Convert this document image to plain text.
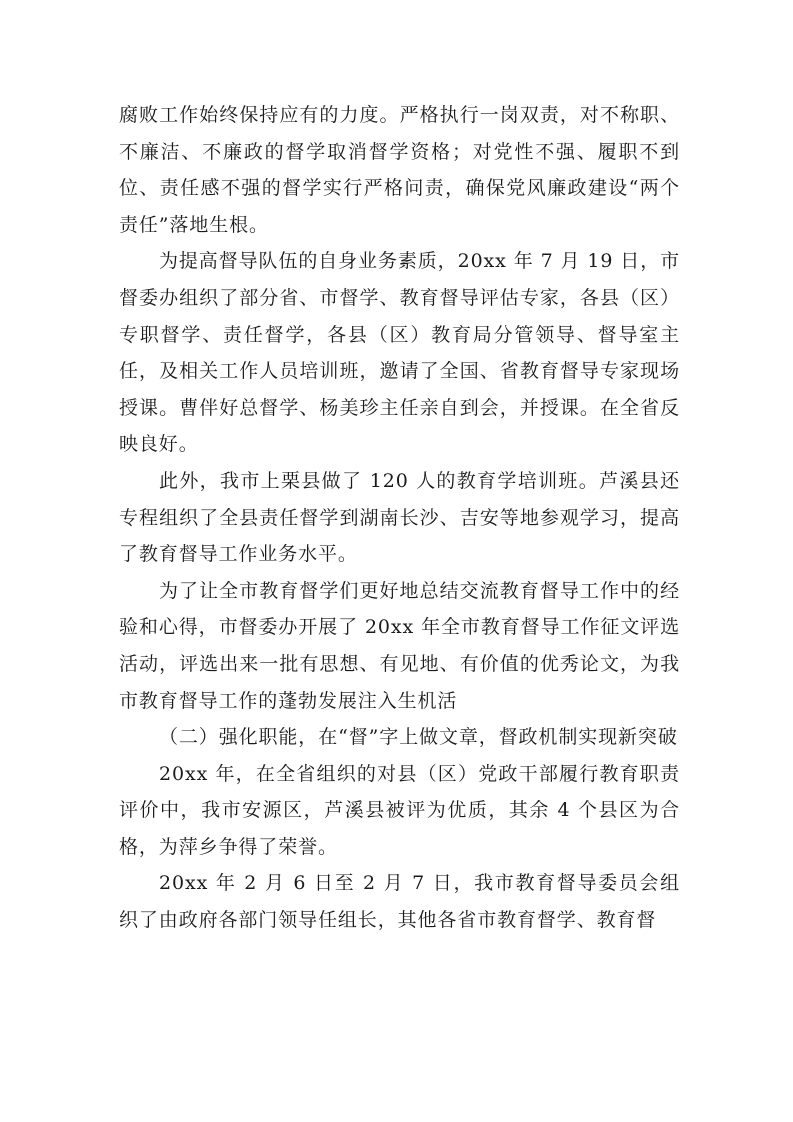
腐败工作始终保持应有的力度。严格执行一岗双责，对不称职、不廉洁、不廉政的督学取消督学资格；对党性不强、履职不到位、责任感不强的督学实行严格问责，确保党风廉政建设“两个责任”落地生根。

为提高督导队伍的自身业务素质，20xx 年 7 月 19 日，市督委办组织了部分省、市督学、教育督导评估专家，各县（区）专职督学、责任督学，各县（区）教育局分管领导、督导室主任，及相关工作人员培训班，邀请了全国、省教育督导专家现场授课。曹伴好总督学、杨美珍主任亲自到会，并授课。在全省反映良好。

此外，我市上栗县做了 120 人的教育学培训班。芦溪县还专程组织了全县责任督学到湖南长沙、吉安等地参观学习，提高了教育督导工作业务水平。

为了让全市教育督学们更好地总结交流教育督导工作中的经验和心得，市督委办开展了 20xx 年全市教育督导工作征文评选活动，评选出来一批有思想、有见地、有价值的优秀论文，为我市教育督导工作的蓬勃发展注入生机活

（二）强化职能，在“督”字上做文章，督政机制实现新突破

20xx 年，在全省组织的对县（区）党政干部履行教育职责评价中，我市安源区，芦溪县被评为优质，其余 4 个县区为合格，为萍乡争得了荣誉。

20xx 年 2 月 6 日至 2 月 7 日，我市教育督导委员会组织了由政府各部门领导任组长，其他各省市教育督学、教育督
